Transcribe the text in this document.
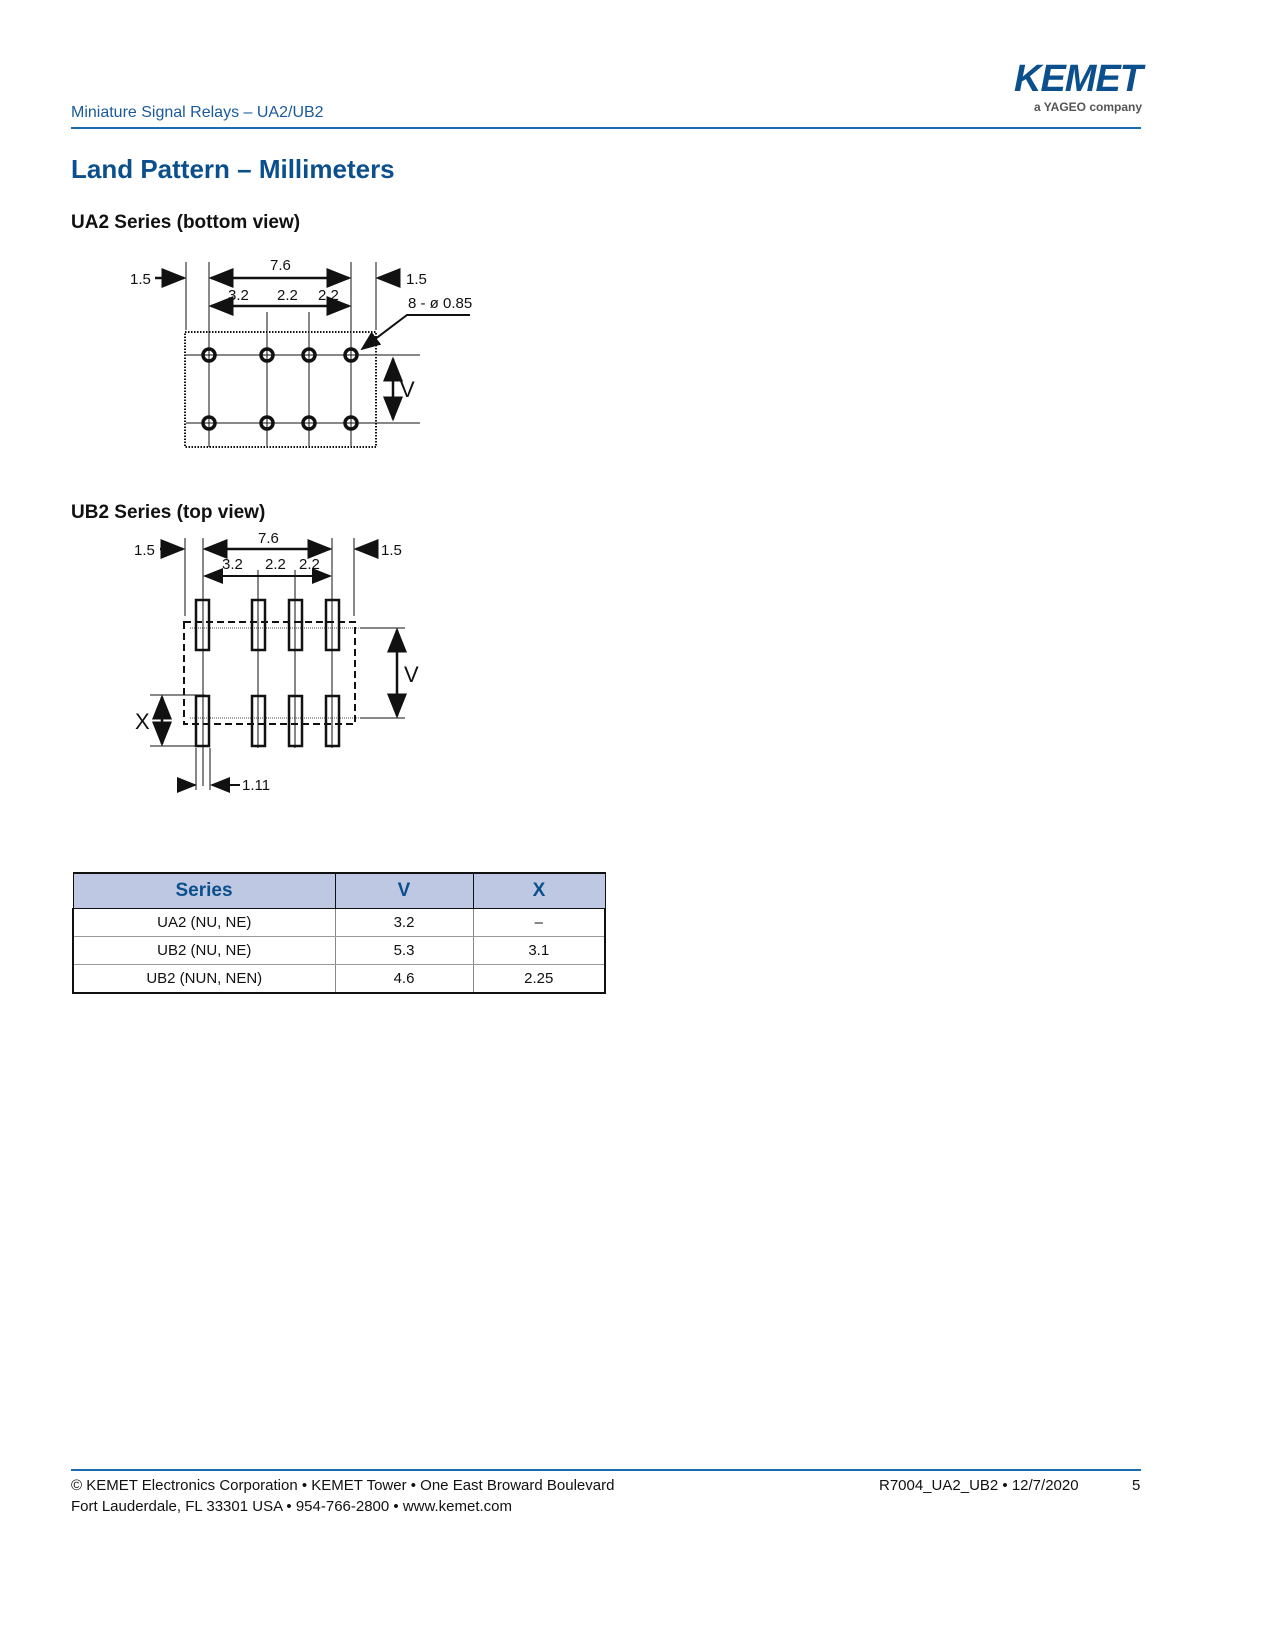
Miniature Signal Relays – UA2/UB2
KEMET
a YAGEO company
Land Pattern – Millimeters
UA2 Series (bottom view)
1.5
7.6
1.5
3.2 2.2 2.2	8 - ø 0.85
V
UB2 Series (top view)
1.5
7.6
1.5
3.2 2.2 2.2
V
X
1.11
Series	V	X
UA2 (NU, NE)	3.2	–
UB2 (NU, NE)	5.3	3.1
UB2 (NUN, NEN)	4.6	2.25
© KEMET Electronics Corporation • KEMET Tower • One East Broward Boulevard
Fort Lauderdale, FL 33301 USA • 954-766-2800 • www.kemet.com
R7004_UA2_UB2 • 12/7/2020	5
